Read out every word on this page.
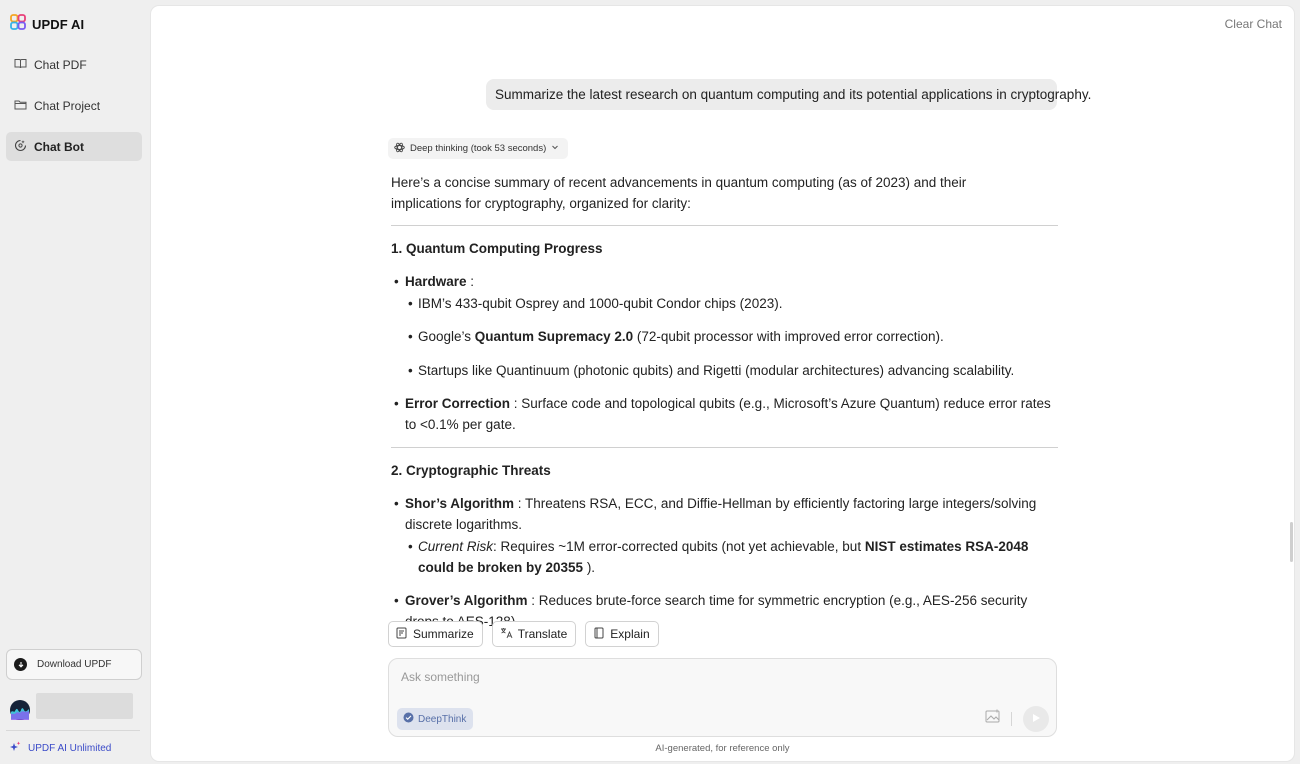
UPDF AI
Chat PDF
Chat Project
Chat Bot
Download UPDF
UPDF AI Unlimited
Clear Chat
Summarize the latest research on quantum computing and its potential applications in cryptography.
Deep thinking (took 53 seconds)

Here’s a concise summary of recent advancements in quantum computing (as of 2023) and their implications for cryptography, organized for clarity:

1. Quantum Computing Progress

• Hardware :

• IBM’s 433-qubit Osprey and 1000-qubit Condor chips (2023).

• Google’s Quantum Supremacy 2.0 (72-qubit processor with improved error correction).

• Startups like Quantinuum (photonic qubits) and Rigetti (modular architectures) advancing scalability.

• Error Correction : Surface code and topological qubits (e.g., Microsoft’s Azure Quantum) reduce error rates to <0.1% per gate.

2. Cryptographic Threats

• Shor’s Algorithm : Threatens RSA, ECC, and Diffie-Hellman by efficiently factoring large integers/solving discrete logarithms.

• Current Risk: Requires ~1M error-corrected qubits (not yet achievable, but NIST estimates RSA-2048 could be broken by 20355 ).

• Grover’s Algorithm : Reduces brute-force search time for symmetric encryption (e.g., AES-256 security AES-128).

Summarize	Translate	Explain
Ask something
DeepThink
AI-generated, for reference only
